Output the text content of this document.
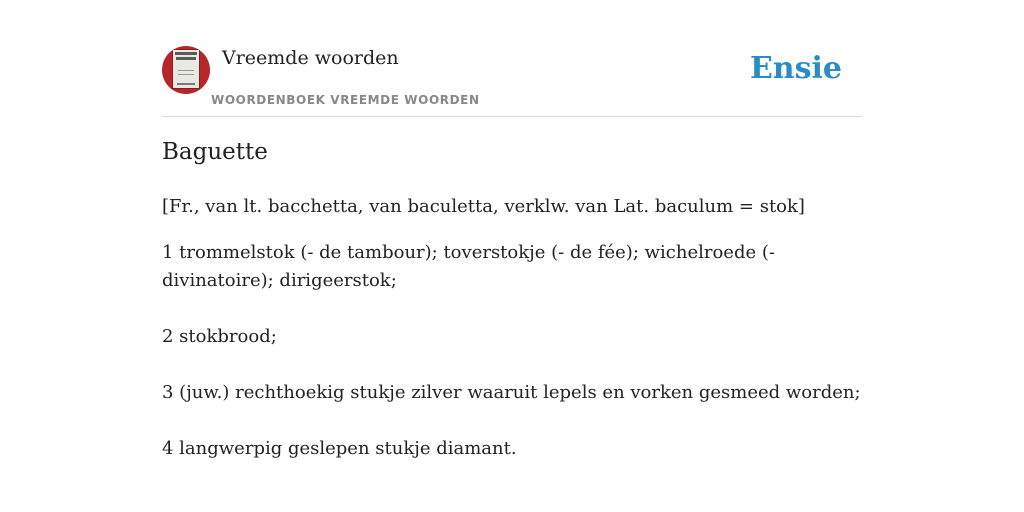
Vreemde woorden
WOORDENBOEK VREEMDE WOORDEN
Ensie
Baguette

[Fr., van lt. bacchetta, van baculetta, verklw. van Lat. baculum = stok]

1 trommelstok (- de tambour); toverstokje (- de fée); wichelroede (- divinatoire); dirigeerstok;
2 stokbrood;
3 (juw.) rechthoekig stukje zilver waaruit lepels en vorken gesmeed worden;
4 langwerpig geslepen stukje diamant.
